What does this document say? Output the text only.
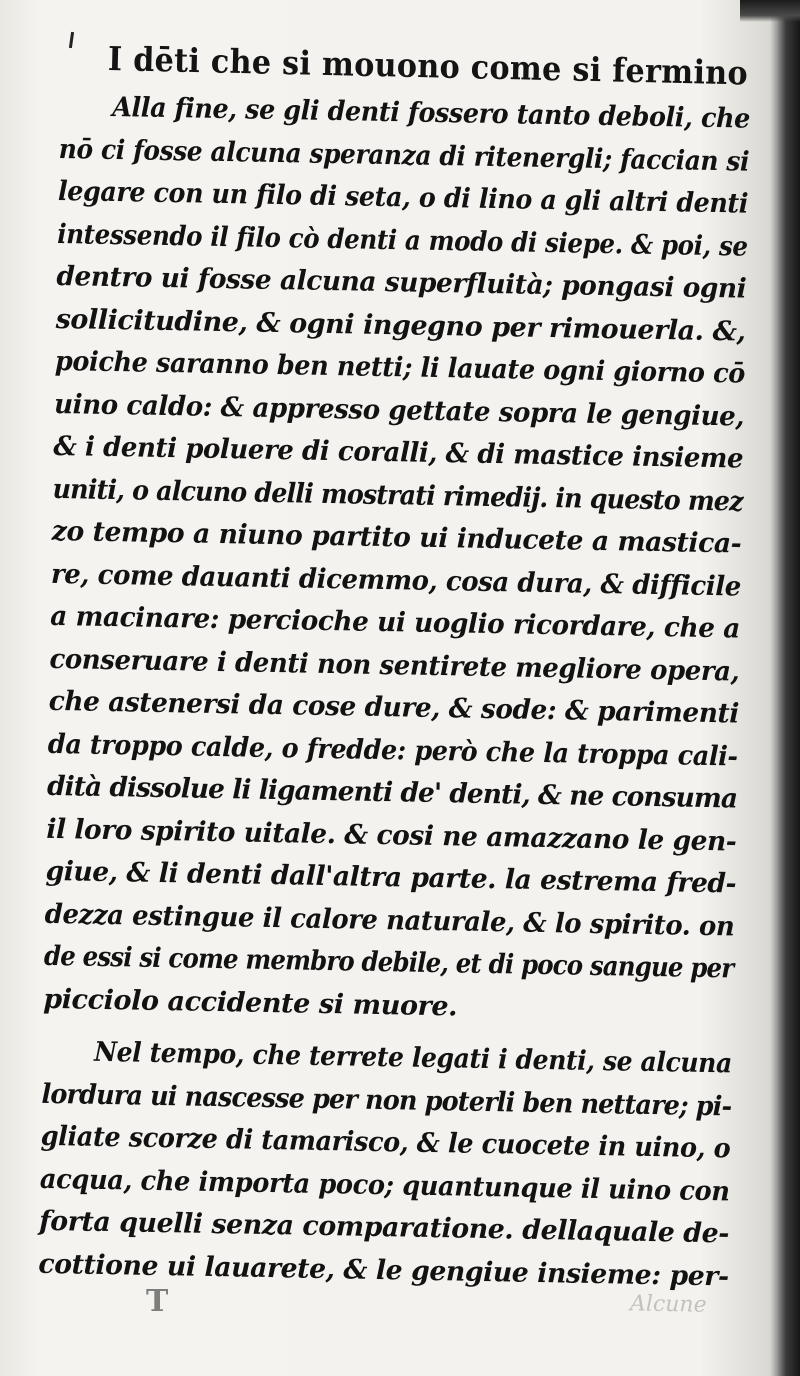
I dēti che si mouono come si fermino
Alla fine, se gli denti fossero tanto deboli, che
nō ci fosse alcuna speranza di ritenergli; faccian si
legare con un filo di seta, o di lino a gli altri denti
intessendo il filo cò denti a modo di siepe. & poi, se
dentro ui fosse alcuna superfluità; pongasi ogni
sollicitudine, & ogni ingegno per rimouerla. &,
poiche saranno ben netti; li lauate ogni giorno cō
uino caldo: & appresso gettate sopra le gengiue,
& i denti poluere di coralli, & di mastice insieme
uniti, o alcuno delli mostrati rimedij. in questo mez
zo tempo a niuno partito ui inducete a mastica-
re, come dauanti dicemmo, cosa dura, & difficile
a macinare: percioche ui uoglio ricordare, che a
conseruare i denti non sentirete megliore opera,
che astenersi da cose dure, & sode: & parimenti
da troppo calde, o fredde: però che la troppa cali-
dità dissolue li ligamenti de' denti, & ne consuma
il loro spirito uitale. & cosi ne amazzano le gen-
giue, & li denti dall'altra parte. la estrema fred-
dezza estingue il calore naturale, & lo spirito. on
de essi si come membro debile, et di poco sangue per
picciolo accidente si muore.
Nel tempo, che terrete legati i denti, se alcuna
lordura ui nascesse per non poterli ben nettare; pi-
gliate scorze di tamarisco, & le cuocete in uino, o
acqua, che importa poco; quantunque il uino con
forta quelli senza comparatione. dellaquale de-
cottione ui lauarete, & le gengiue insieme: per-
T	Alcune
